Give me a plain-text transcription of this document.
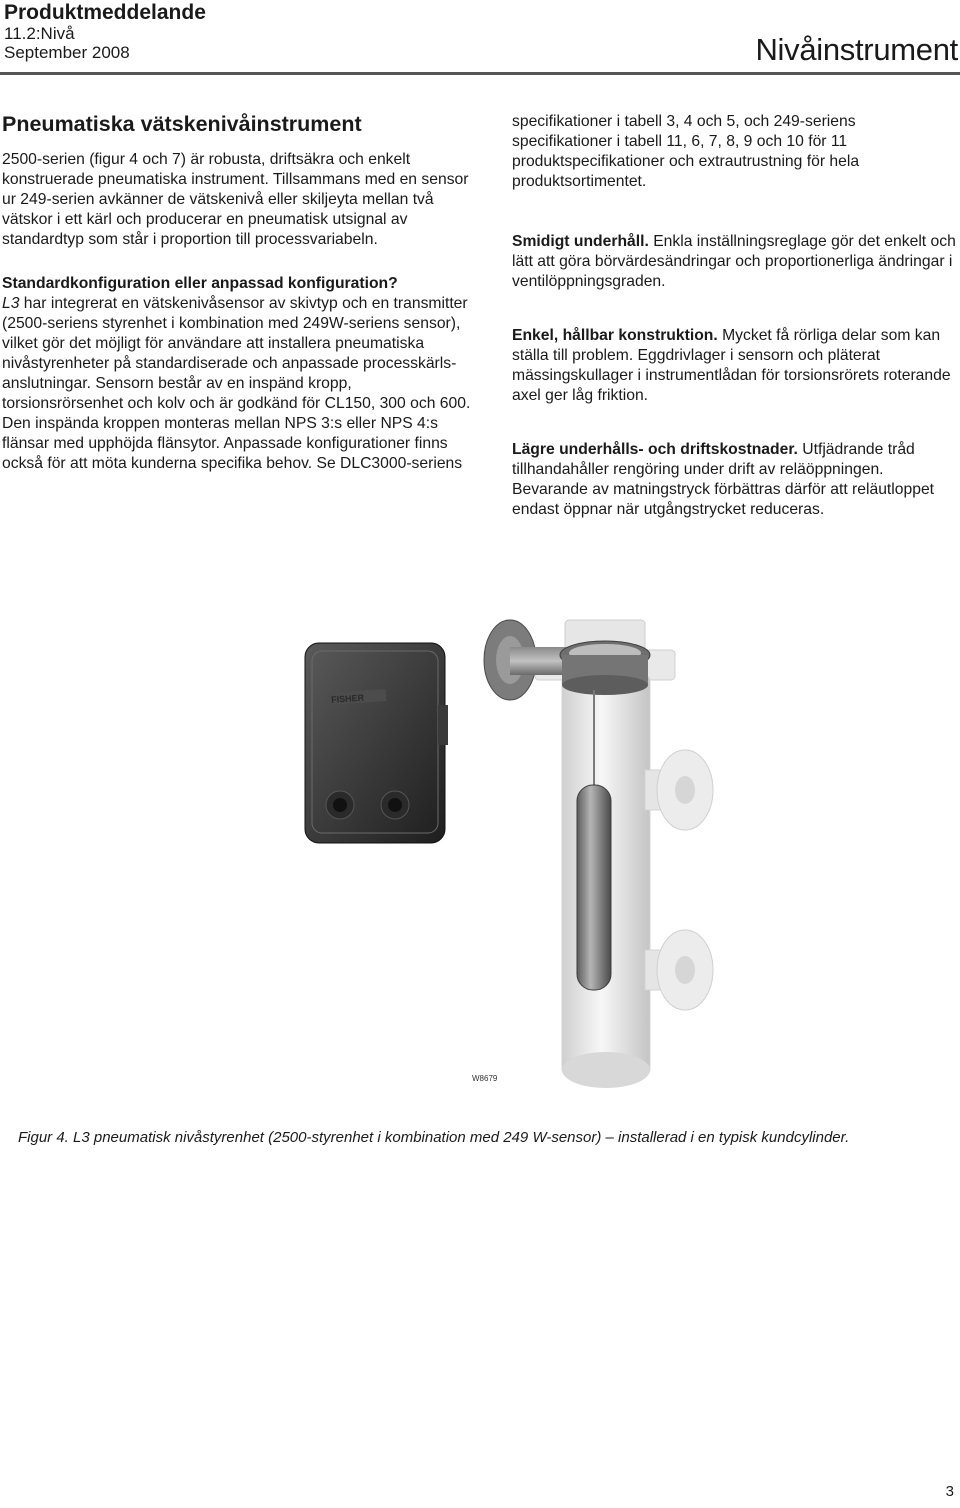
Produktmeddelande
11.2:Nivå
September 2008	Nivåinstrument
Pneumatiska vätskenivåinstrument

2500-serien (figur 4 och 7) är robusta, driftsäkra och enkelt konstruerade pneumatiska instrument. Tillsammans med en sensor ur 249-serien avkänner de vätskenivå eller skiljeyta mellan två vätskor i ett kärl och producerar en pneumatisk utsignal av standardtyp som står i proportion till processvariabeln.

Standardkonfiguration eller anpassad konfiguration?

L3 har integrerat en vätskenivåsensor av skivtyp och en transmitter (2500-seriens styrenhet i kombination med 249W-seriens sensor), vilket gör det möjligt för användare att installera pneumatiska nivåstyrenheter på standardiserade och anpassade processkärls-anslutningar. Sensorn består av en inspänd kropp, torsionsrörsenhet och kolv och är godkänd för CL150, 300 och 600. Den inspända kroppen monteras mellan NPS 3:s eller NPS 4:s flänsar med upphöjda flänsytor. Anpassade konfigurationer finns också för att möta kunderna specifika behov. Se DLC3000-seriens

specifikationer i tabell 3, 4 och 5, och 249-seriens specifikationer i tabell 11, 6, 7, 8, 9 och 10 för 11 produktspecifikationer och extrautrustning för hela produktsortimentet.

Smidigt underhåll. Enkla inställningsreglage gör det enkelt och lätt att göra börvärdesändringar och proportionerliga ändringar i ventilöppningsgraden.

Enkel, hållbar konstruktion. Mycket få rörliga delar som kan ställa till problem. Eggdrivlager i sensorn och pläterat mässingskullager i instrumentlådan för torsionsrörets roterande axel ger låg friktion.

Lägre underhålls- och driftskostnader. Utfjädrande tråd tillhandahåller rengöring under drift av reläöppningen. Bevarande av matningstryck förbättras därför att reläutloppet endast öppnar när utgångstrycket reduceras.

FISHER
W8679
Figur 4. L3 pneumatisk nivåstyrenhet (2500-styrenhet i kombination med 249 W-sensor) – installerad i en typisk kundcylinder.
3
